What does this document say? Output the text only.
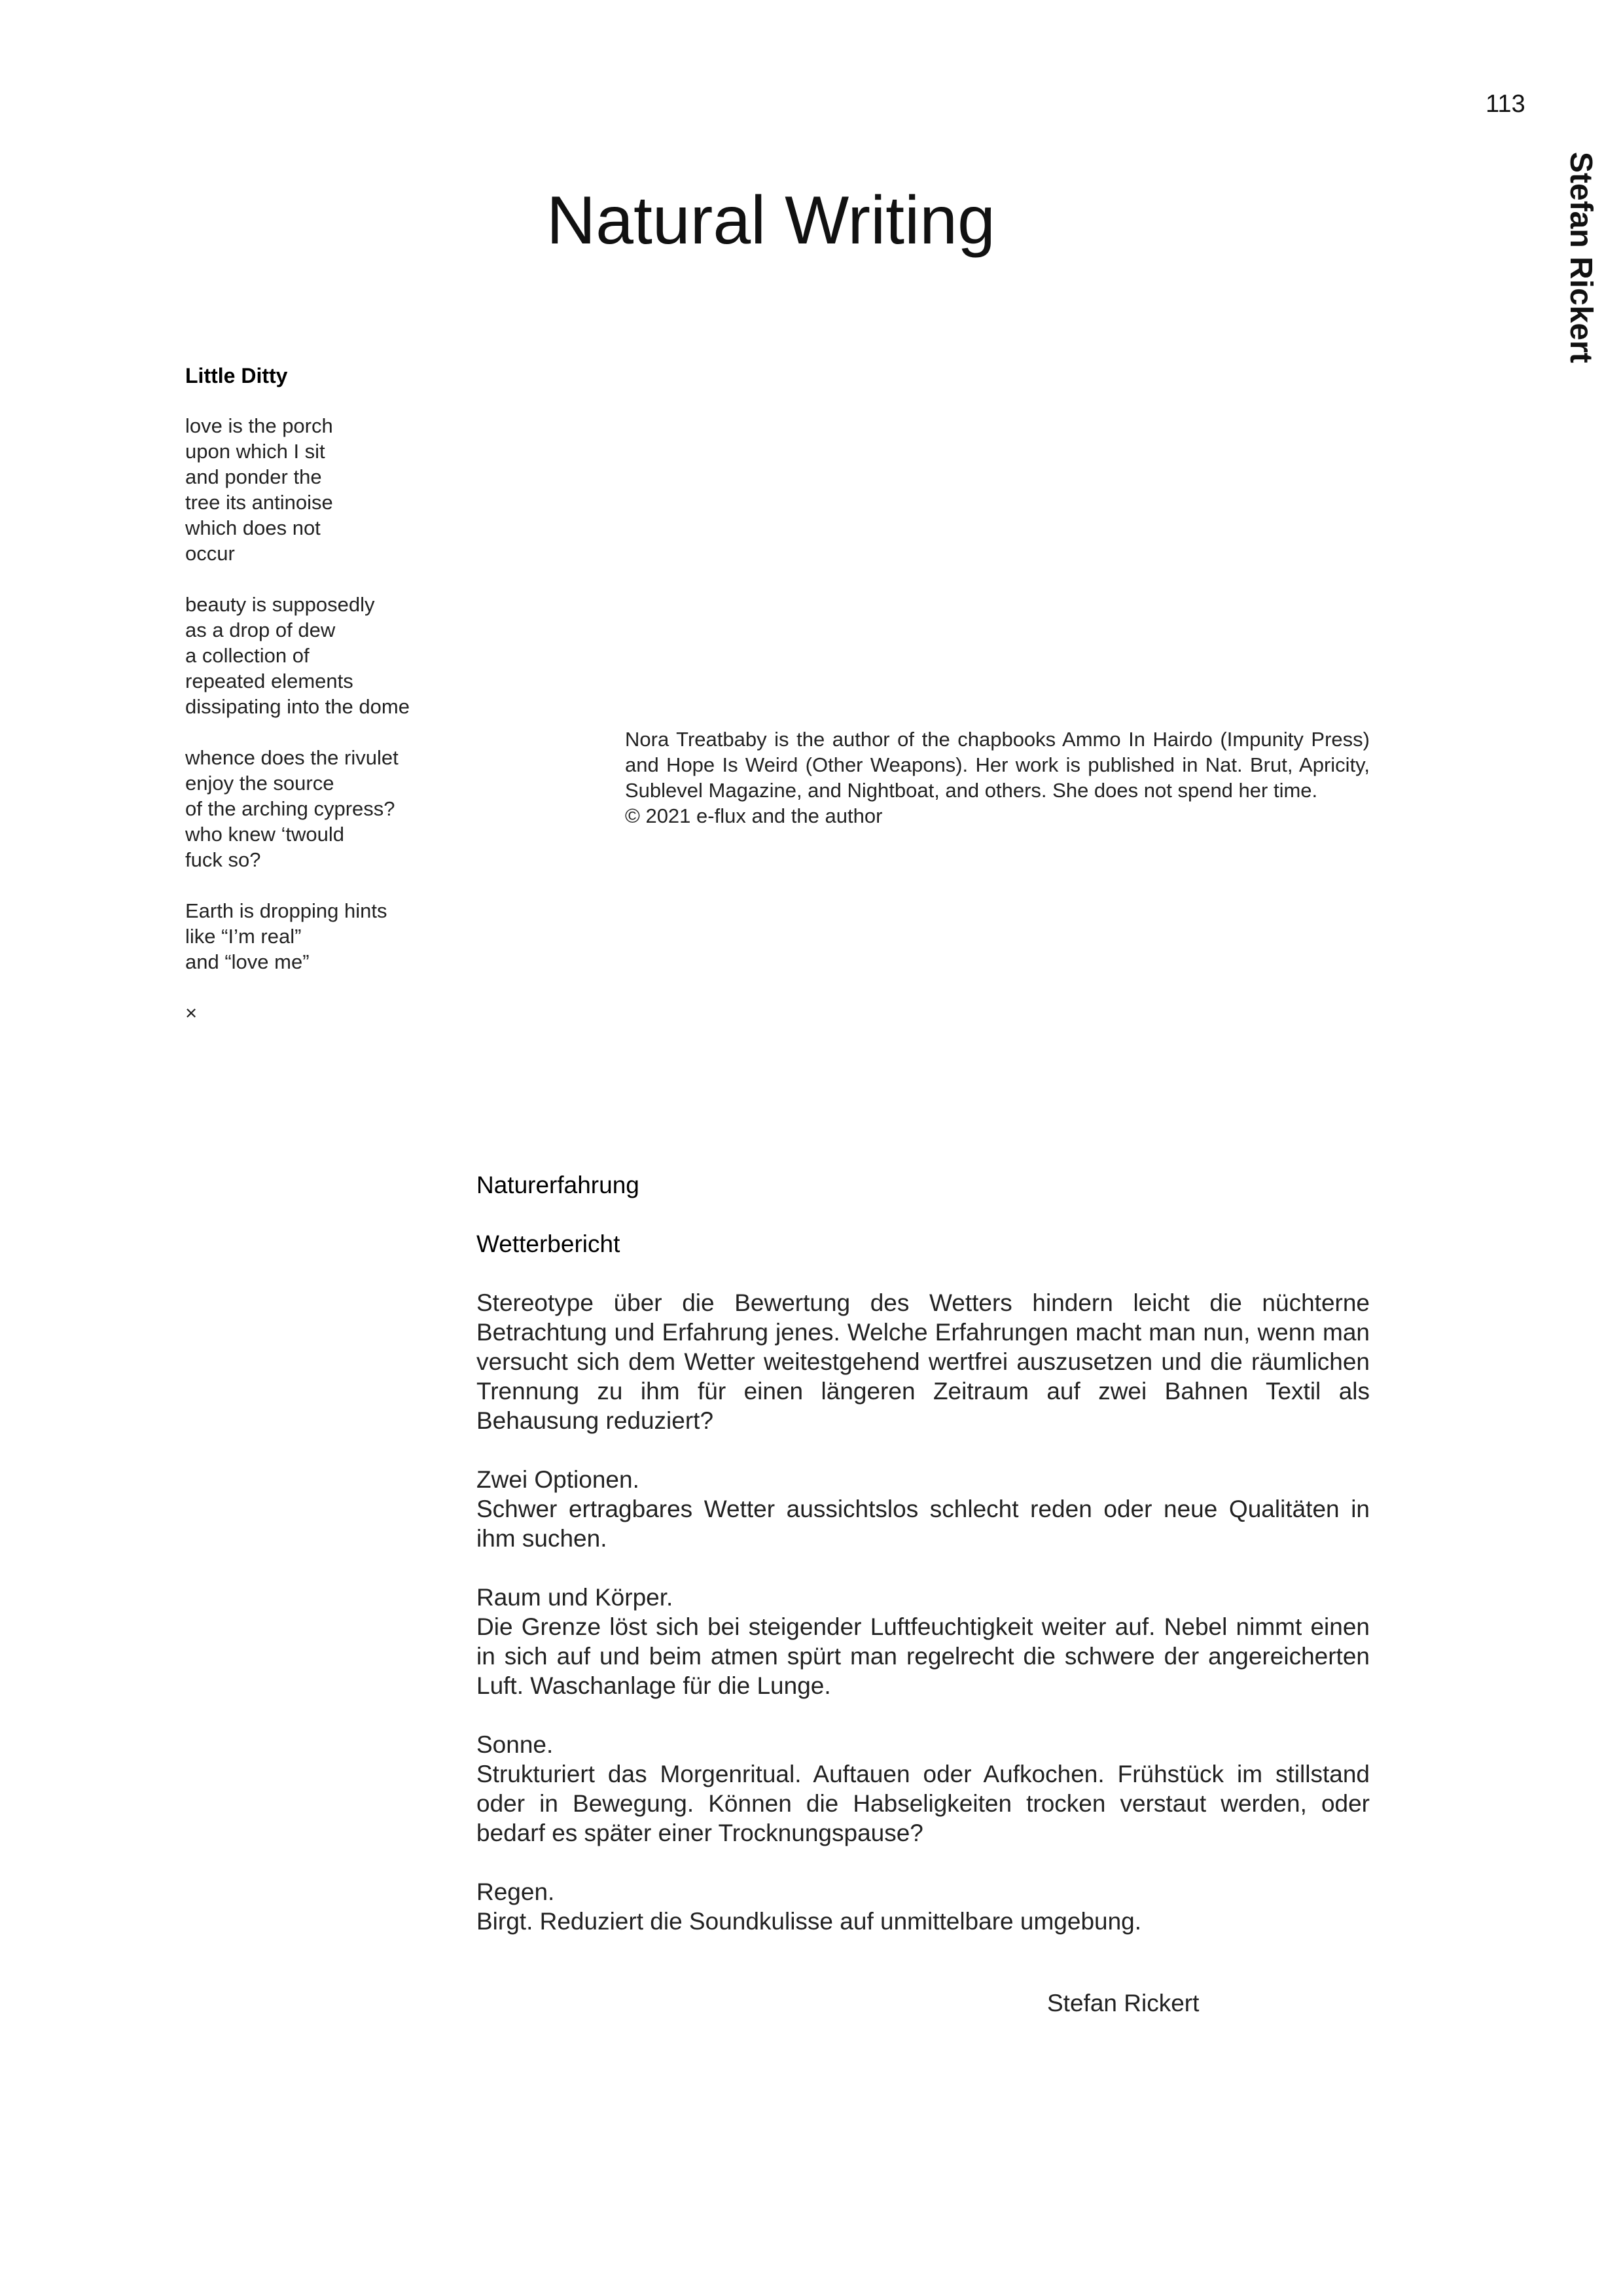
113
Stefan Rickert
Natural Writing
Little Ditty
love is the porch
upon which I sit
and ponder the
tree its antinoise
which does not
occur
beauty is supposedly
as a drop of dew
a collection of
repeated elements
dissipating into the dome
whence does the rivulet
enjoy the source
of the arching cypress?
who knew ‘twould
fuck so?
Earth is dropping hints
like “I’m real”
and “love me”
×

Nora Treatbaby is the author of the chapbooks Ammo In Hairdo (Impunity Press) and Hope Is Weird (Other Weapons). Her work is published in Nat. Brut, Apricity, Sublevel Magazine, and Nightboat, and others. She does not spend her time.

© 2021 e-flux and the author

Naturerfahrung
Wetterbericht
Stereotype über die Bewertung des Wetters hindern leicht die nüchterne Betrachtung und Erfahrung jenes. Welche Erfahrungen macht man nun, wenn man versucht sich dem Wetter weitestgehend wertfrei auszusetzen und die räumlichen Trennung zu ihm für einen längeren Zeitraum auf zwei Bahnen Textil als Behausung reduziert?
Zwei Optionen.
Schwer ertragbares Wetter aussichtslos schlecht reden oder neue Qualitäten in ihm suchen.
Raum und Körper.
Die Grenze löst sich bei steigender Luftfeuchtigkeit weiter auf. Nebel nimmt einen in sich auf und beim atmen spürt man regelrecht die schwere der angereicherten Luft. Waschanlage für die Lunge.
Sonne.
Strukturiert das Morgenritual. Auftauen oder Aufkochen. Frühstück im stillstand oder in Bewegung. Können die Habseligkeiten trocken verstaut werden, oder bedarf es später einer Trocknungspause?
Regen.
Birgt. Reduziert die Soundkulisse auf unmittelbare umgebung.
Stefan Rickert
